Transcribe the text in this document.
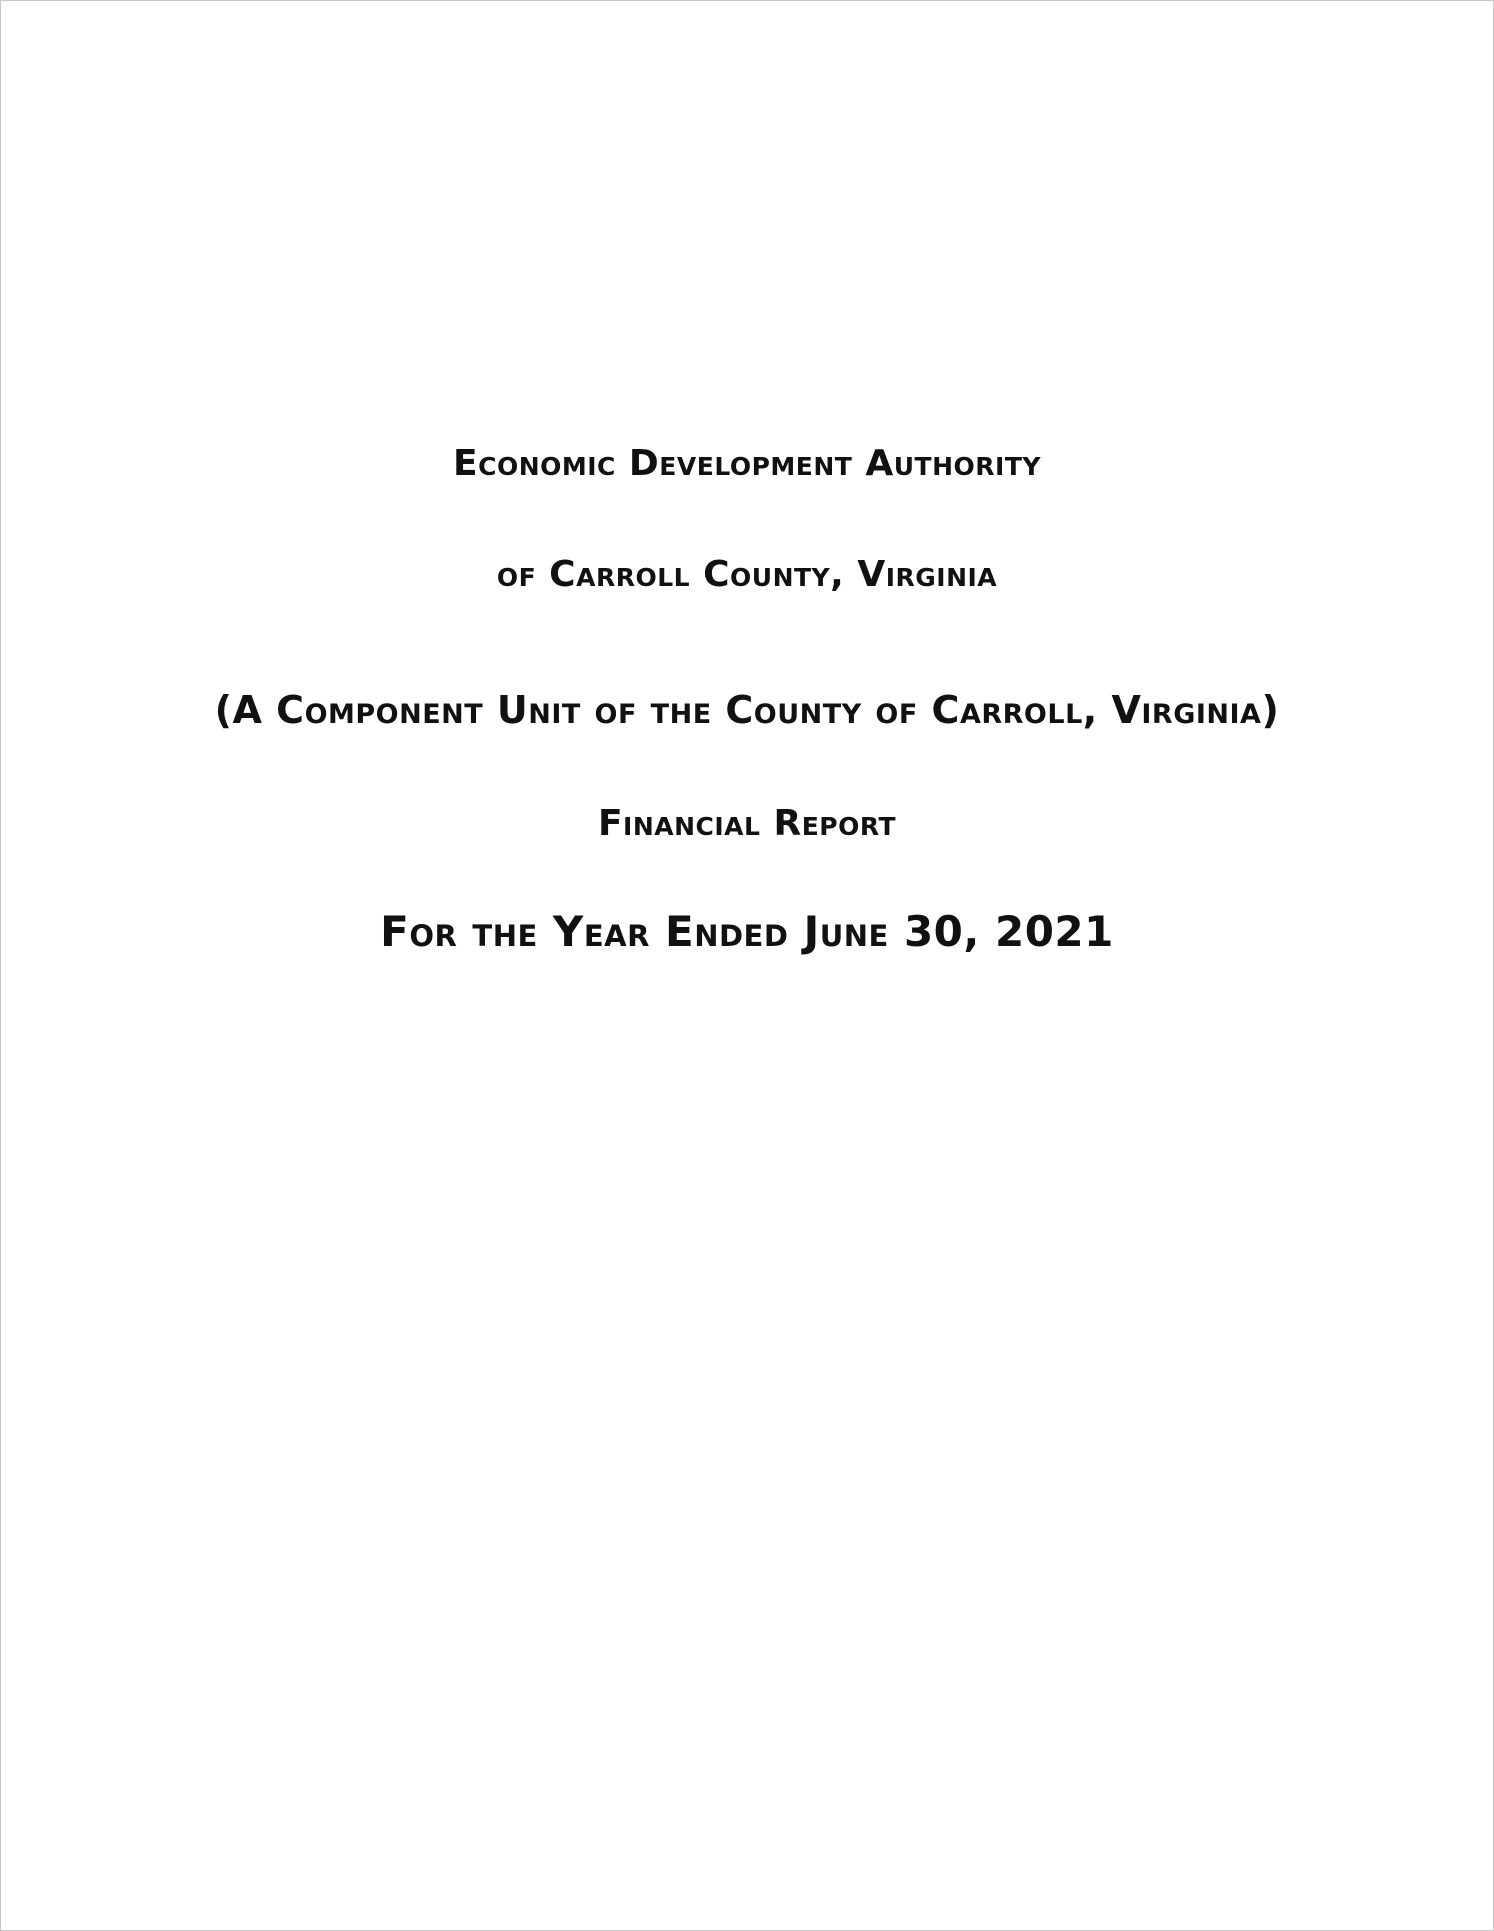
Economic Development Authority
of Carroll County, Virginia
(A Component Unit of the County of Carroll, Virginia)
Financial Report
For the Year Ended June 30, 2021
